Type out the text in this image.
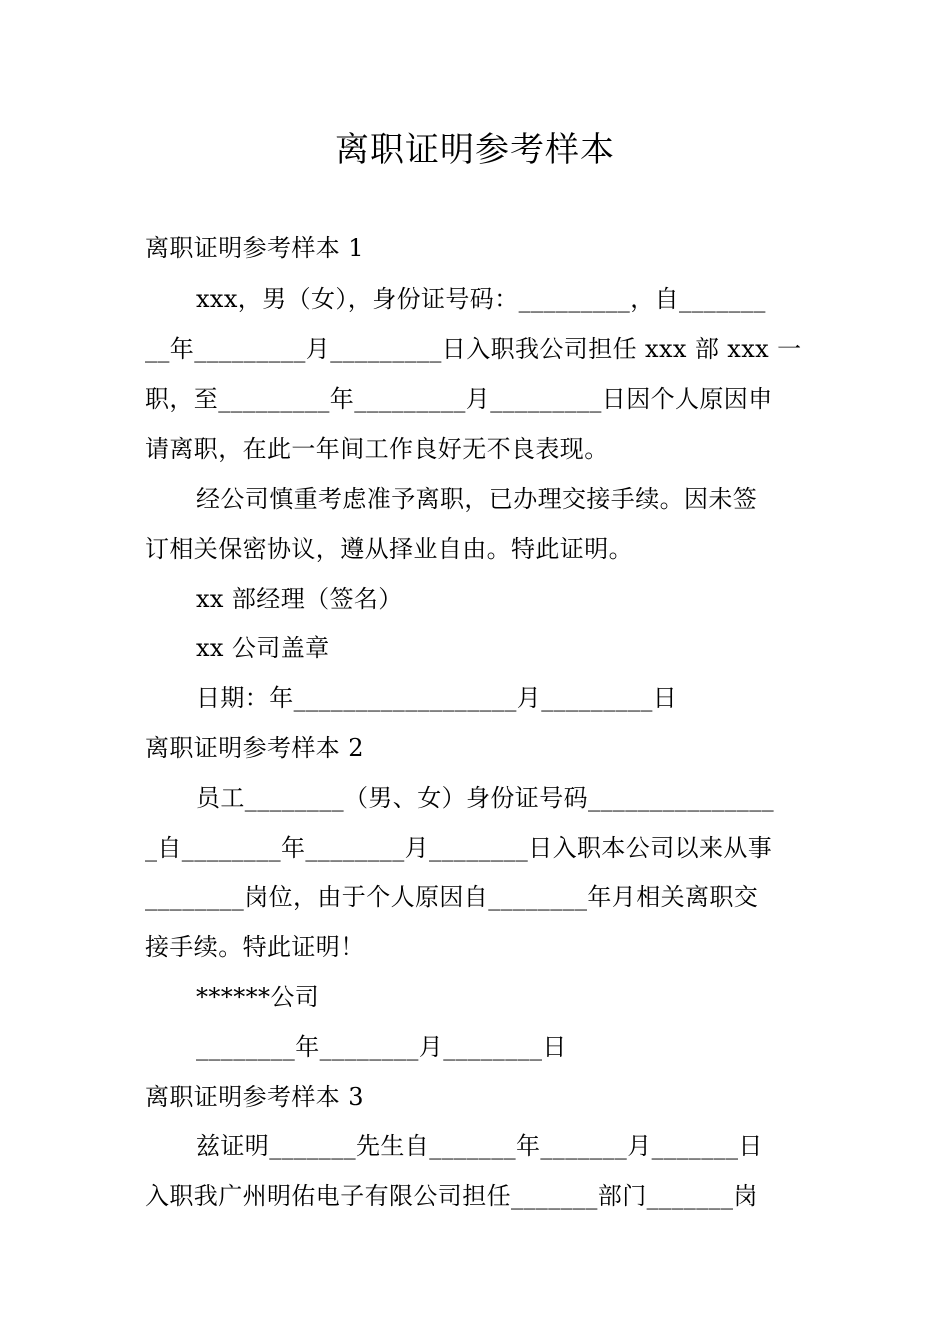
离职证明参考样本
离职证明参考样本 1
xxx，男（女），身份证号码：_________，自_______
__年_________月_________日入职我公司担任 xxx 部 xxx 一
职，至_________年_________月_________日因个人原因申
请离职，在此一年间工作良好无不良表现。
经公司慎重考虑准予离职，已办理交接手续。因未签
订相关保密协议，遵从择业自由。特此证明。
xx 部经理（签名）
xx 公司盖章
日期：年__________________月_________日
离职证明参考样本 2
员工________（男、女）身份证号码_______________
_自________年________月________日入职本公司以来从事
________岗位，由于个人原因自________年月相关离职交
接手续。特此证明！
******公司
________年________月________日
离职证明参考样本 3
兹证明_______先生自_______年_______月_______日
入职我广州明佑电子有限公司担任_______部门_______岗
